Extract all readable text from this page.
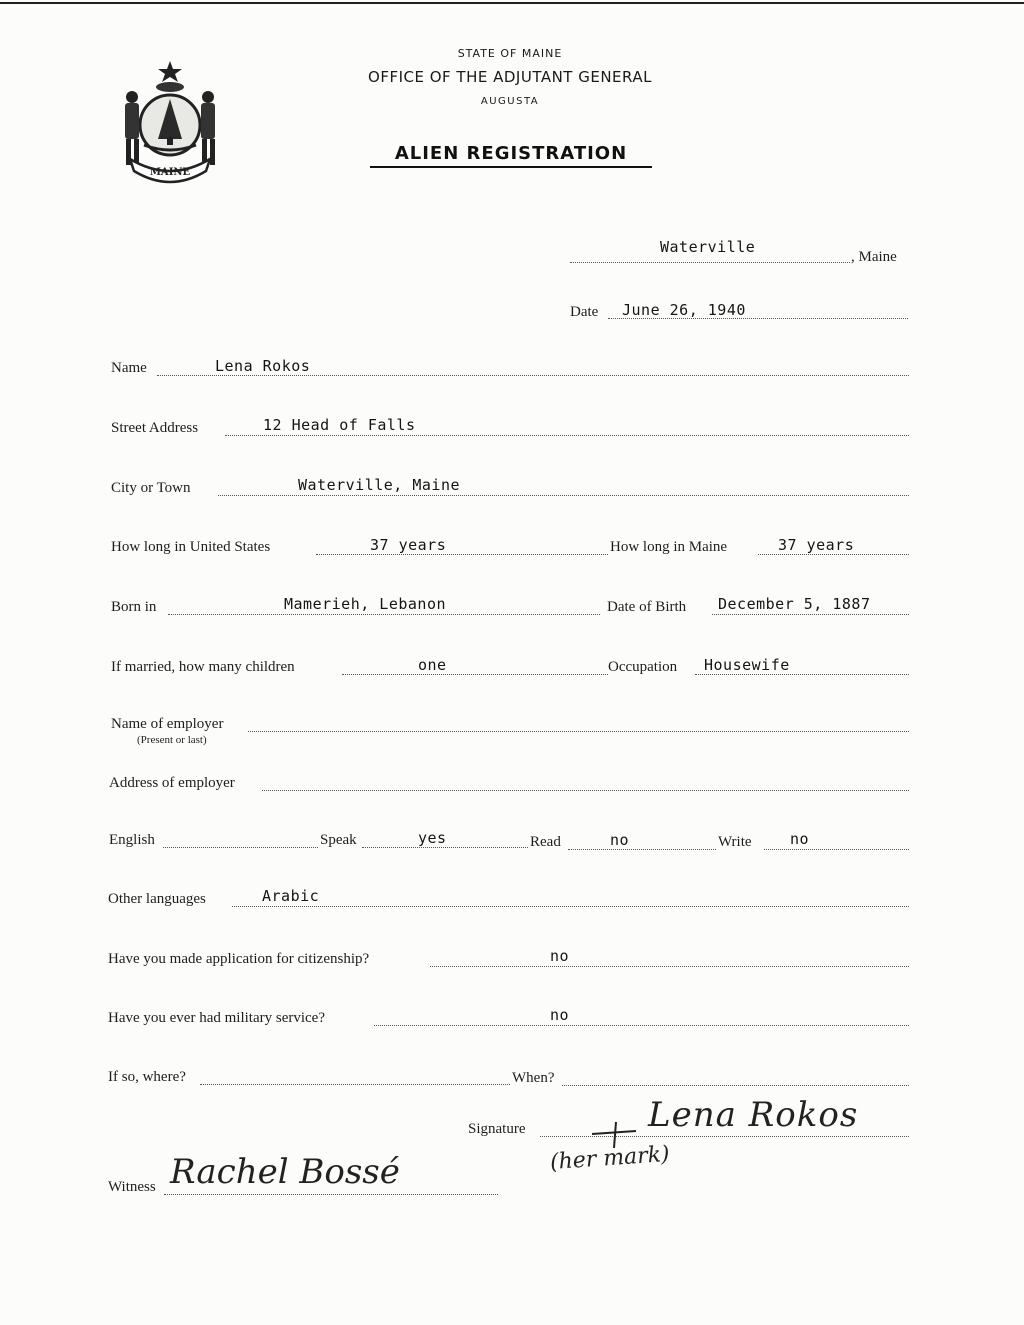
MAINE
STATE OF MAINE
OFFICE OF THE ADJUTANT GENERAL
AUGUSTA
ALIEN REGISTRATION
Waterville
, Maine
Date June 26, 1940
Name	Lena Rokos
Street Address	12 Head of Falls
City or Town	Waterville, Maine
How long in United States	37 years	How long in Maine	37 years
Born in	Mamerieh, Lebanon	Date of Birth December 5, 1887
If married, how many children	one	Occupation Housewife
Name of employer
(Present or last)
Address of employer
English	Speak	yes	Read	no	Write	no
Other languages	Arabic
Have you made application for citizenship?	no
Have you ever had military service?	no
If so, where?	When?
Signature	Lena Rokos
(her mark)
Witness Rachel Bossé
